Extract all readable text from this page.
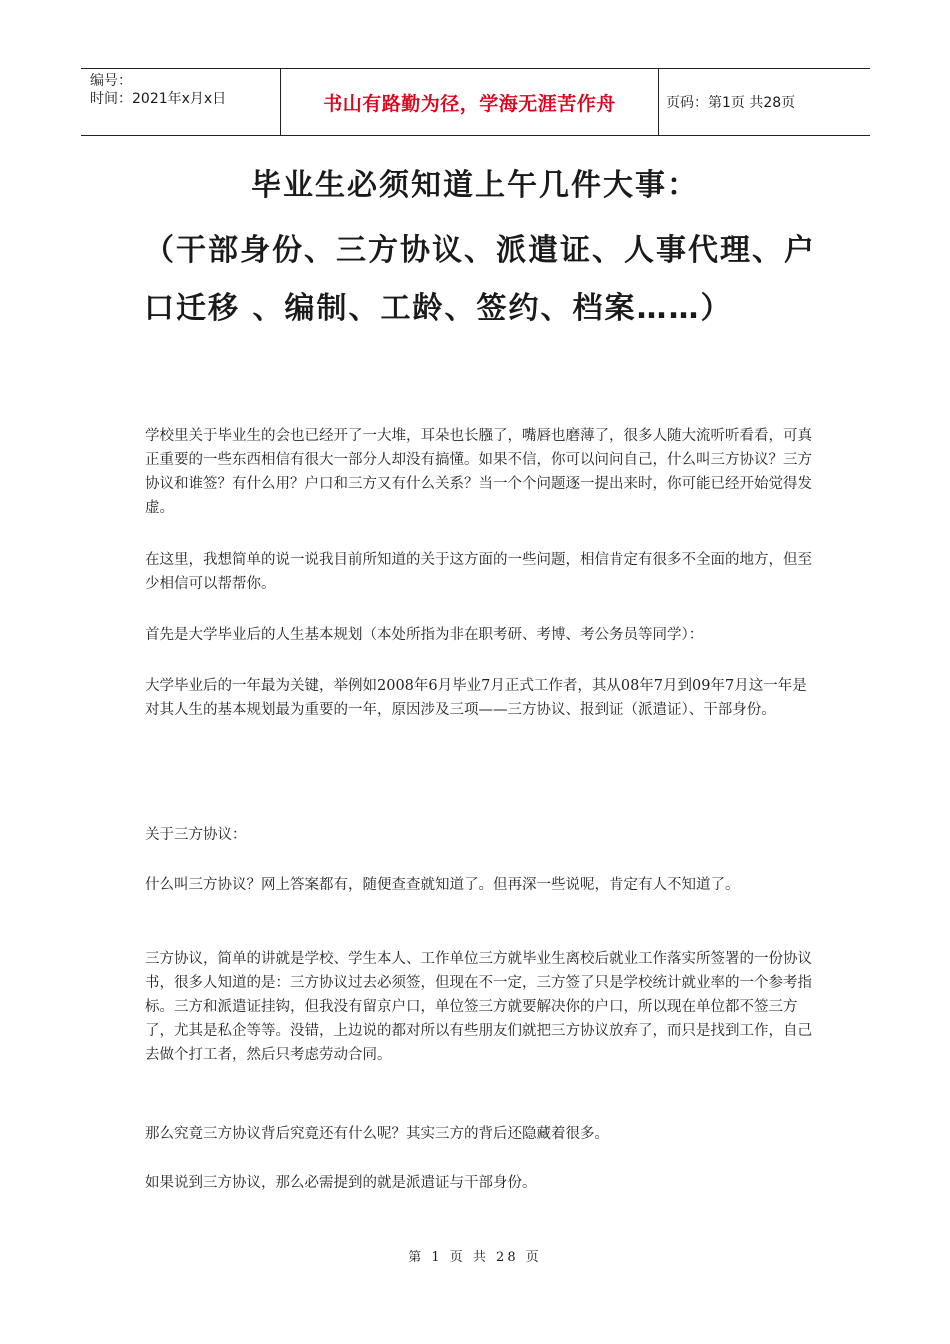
编号：
时间：2021年x月x日	书山有路勤为径，学海无涯苦作舟	页码：第1页 共28页
毕业生必须知道上午几件大事：
（干部身份、三方协议、派遣证、人事代理、户口迁移 、编制、工龄、签约、档案……）
学校里关于毕业生的会也已经开了一大堆，耳朵也长膙了，嘴唇也磨薄了，很多人随大流听听看看，可真正重要的一些东西相信有很大一部分人却没有搞懂。如果不信，你可以问问自己，什么叫三方协议？三方协议和谁签？有什么用？户口和三方又有什么关系？当一个个问题逐一提出来时，你可能已经开始觉得发虚。
在这里，我想简单的说一说我目前所知道的关于这方面的一些问题，相信肯定有很多不全面的地方，但至少相信可以帮帮你。
首先是大学毕业后的人生基本规划（本处所指为非在职考研、考博、考公务员等同学）：
大学毕业后的一年最为关键，举例如2008年6月毕业7月正式工作者，其从08年7月到09年7月这一年是对其人生的基本规划最为重要的一年，原因涉及三项——三方协议、报到证（派遣证）、干部身份。
关于三方协议：
什么叫三方协议？网上答案都有，随便查查就知道了。但再深一些说呢，肯定有人不知道了。
三方协议，简单的讲就是学校、学生本人、工作单位三方就毕业生离校后就业工作落实所签署的一份协议书，很多人知道的是：三方协议过去必须签，但现在不一定，三方签了只是学校统计就业率的一个参考指标。三方和派遣证挂钩，但我没有留京户口，单位签三方就要解决你的户口，所以现在单位都不签三方了，尤其是私企等等。没错，上边说的都对所以有些朋友们就把三方协议放弃了，而只是找到工作，自己去做个打工者，然后只考虑劳动合同。
那么究竟三方协议背后究竟还有什么呢？其实三方的背后还隐藏着很多。
如果说到三方协议，那么必需提到的就是派遣证与干部身份。
第 1 页 共 28 页
